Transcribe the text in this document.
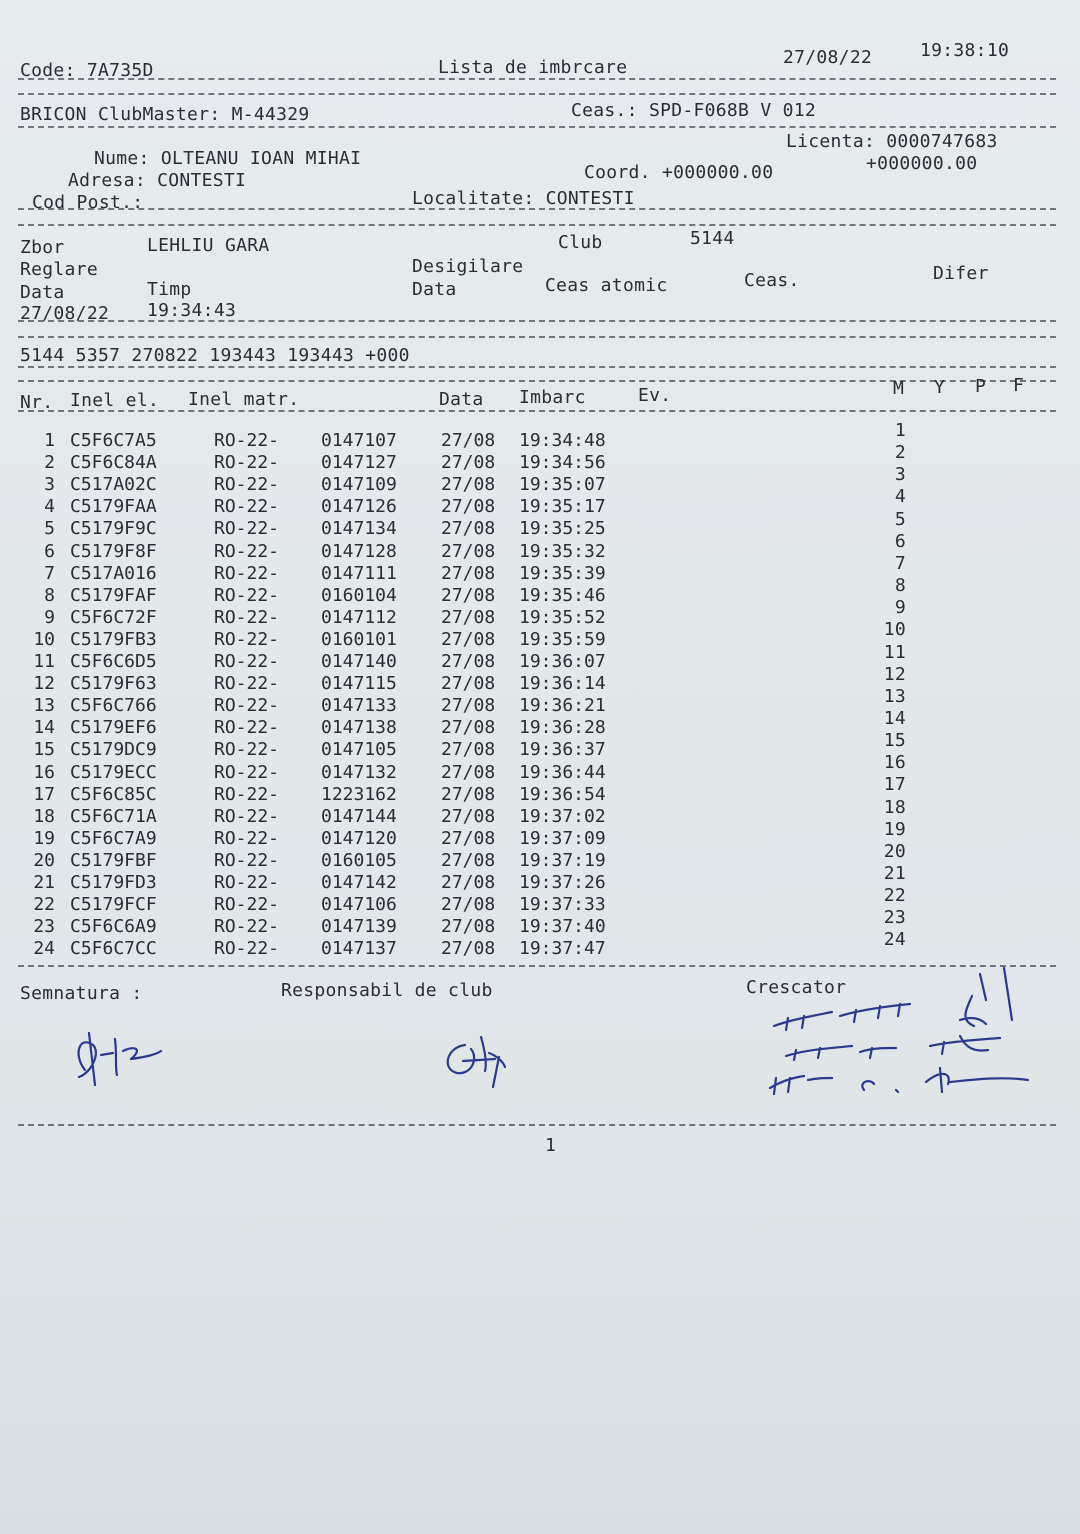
Code: 7A735D	Lista de imbrcare	27/08/22	19:38:10
BRICON ClubMaster: M-44329	Ceas.: SPD-F068B V 012
Licenta: 0000747683
Nume: OLTEANU IOAN MIHAI	+000000.00
Adresa: CONTESTI	Coord. +000000.00
Cod Post.:	Localitate: CONTESTI
Zbor	LEHLIU GARA	Club	5144
Reglare	Desigilare
Data	Timp	Data	Ceas atomic	Ceas.	Difer
27/08/22 19:34:43
5144 5357 270822 193443 193443 +000
Nr. Inel el. Inel matr.	Data Imbarc	Ev.	M Y P F
1 C5F6C7A5	RO-22- 0147107 27/08 19:34:48	1
2 C5F6C84A	RO-22- 0147127 27/08 19:34:56	2
3 C517A02C	RO-22- 0147109 27/08 19:35:07	3
4 C5179FAA	RO-22- 0147126 27/08 19:35:17	4
5 C5179F9C	RO-22- 0147134 27/08 19:35:25	5
6 C5179F8F	RO-22- 0147128 27/08 19:35:32	6
7 C517A016	RO-22- 0147111 27/08 19:35:39	7
8 C5179FAF	RO-22- 0160104 27/08 19:35:46	8
9 C5F6C72F	RO-22- 0147112 27/08 19:35:52	9
10 C5179FB3	RO-22- 0160101 27/08 19:35:59	10
11 C5F6C6D5	RO-22- 0147140 27/08 19:36:07	11
12 C5179F63	RO-22- 0147115 27/08 19:36:14	12
13 C5F6C766	RO-22- 0147133 27/08 19:36:21	13
14 C5179EF6	RO-22- 0147138 27/08 19:36:28	14
15 C5179DC9	RO-22- 0147105 27/08 19:36:37	15
16 C5179ECC	RO-22- 0147132 27/08 19:36:44	16
17 C5F6C85C	RO-22- 1223162 27/08 19:36:54	17
18 C5F6C71A	RO-22- 0147144 27/08 19:37:02	18
19 C5F6C7A9	RO-22- 0147120 27/08 19:37:09	19
20 C5179FBF	RO-22- 0160105 27/08 19:37:19	20
21 C5179FD3	RO-22- 0147142 27/08 19:37:26	21
22 C5179FCF	RO-22- 0147106 27/08 19:37:33	22
23 C5F6C6A9	RO-22- 0147139 27/08 19:37:40	23
24 C5F6C7CC	RO-22- 0147137 27/08 19:37:47	24
Semnatura :	Responsabil de club	Crescator
1
